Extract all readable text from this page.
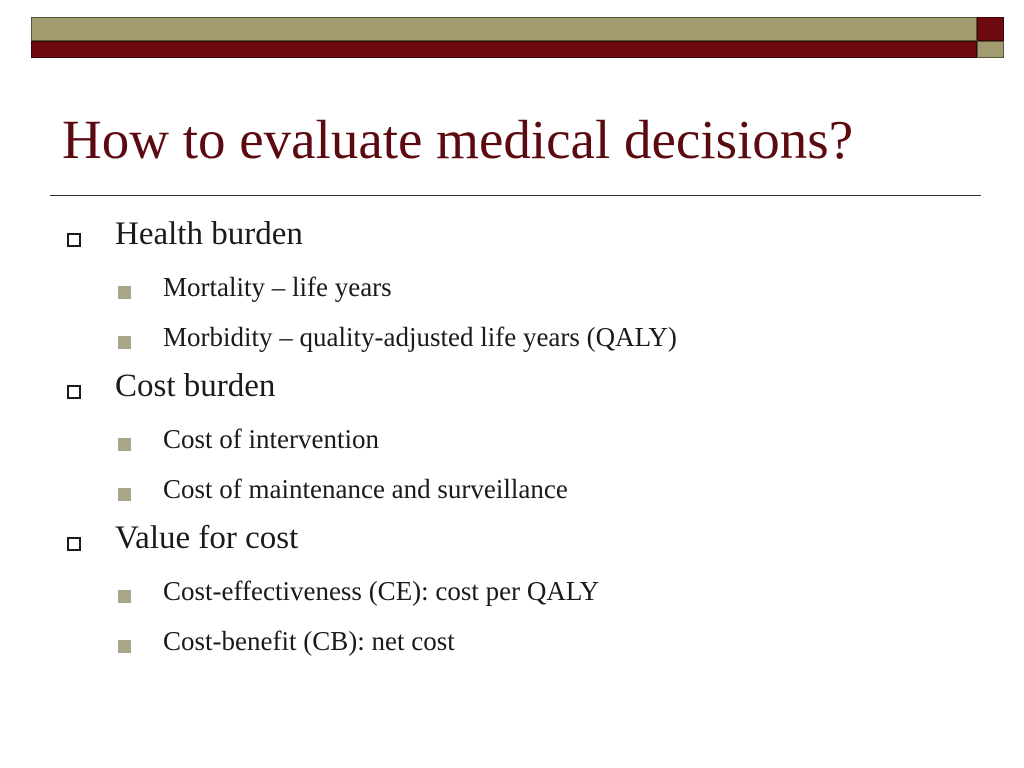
How to evaluate medical decisions?
Health burden
Mortality – life years
Morbidity – quality-adjusted life years (QALY)
Cost burden
Cost of intervention
Cost of maintenance and surveillance
Value for cost
Cost-effectiveness (CE): cost per QALY
Cost-benefit (CB): net cost
